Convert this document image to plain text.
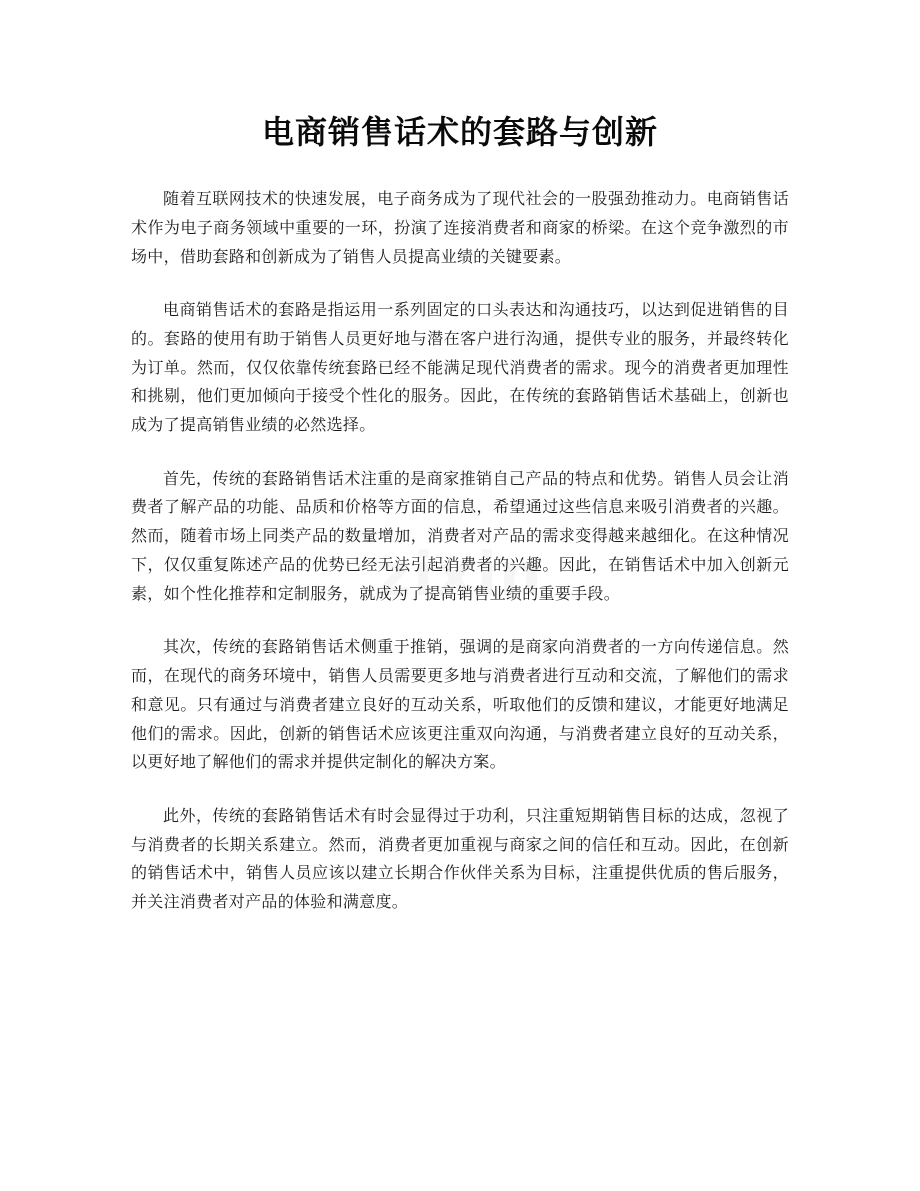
电商销售话术的套路与创新

随着互联网技术的快速发展，电子商务成为了现代社会的一股强劲推动力。电商销售话术作为电子商务领域中重要的一环，扮演了连接消费者和商家的桥梁。在这个竞争激烈的市场中，借助套路和创新成为了销售人员提高业绩的关键要素。

电商销售话术的套路是指运用一系列固定的口头表达和沟通技巧，以达到促进销售的目的。套路的使用有助于销售人员更好地与潜在客户进行沟通，提供专业的服务，并最终转化为订单。然而，仅仅依靠传统套路已经不能满足现代消费者的需求。现今的消费者更加理性和挑剔，他们更加倾向于接受个性化的服务。因此，在传统的套路销售话术基础上，创新也成为了提高销售业绩的必然选择。

首先，传统的套路销售话术注重的是商家推销自己产品的特点和优势。销售人员会让消费者了解产品的功能、品质和价格等方面的信息，希望通过这些信息来吸引消费者的兴趣。然而，随着市场上同类产品的数量增加，消费者对产品的需求变得越来越细化。在这种情况下，仅仅重复陈述产品的优势已经无法引起消费者的兴趣。因此，在销售话术中加入创新元素，如个性化推荐和定制服务，就成为了提高销售业绩的重要手段。

其次，传统的套路销售话术侧重于推销，强调的是商家向消费者的一方向传递信息。然而，在现代的商务环境中，销售人员需要更多地与消费者进行互动和交流，了解他们的需求和意见。只有通过与消费者建立良好的互动关系，听取他们的反馈和建议，才能更好地满足他们的需求。因此，创新的销售话术应该更注重双向沟通，与消费者建立良好的互动关系，以更好地了解他们的需求并提供定制化的解决方案。

此外，传统的套路销售话术有时会显得过于功利，只注重短期销售目标的达成，忽视了与消费者的长期关系建立。然而，消费者更加重视与商家之间的信任和互动。因此，在创新的销售话术中，销售人员应该以建立长期合作伙伴关系为目标，注重提供优质的售后服务，并关注消费者对产品的体验和满意度。
